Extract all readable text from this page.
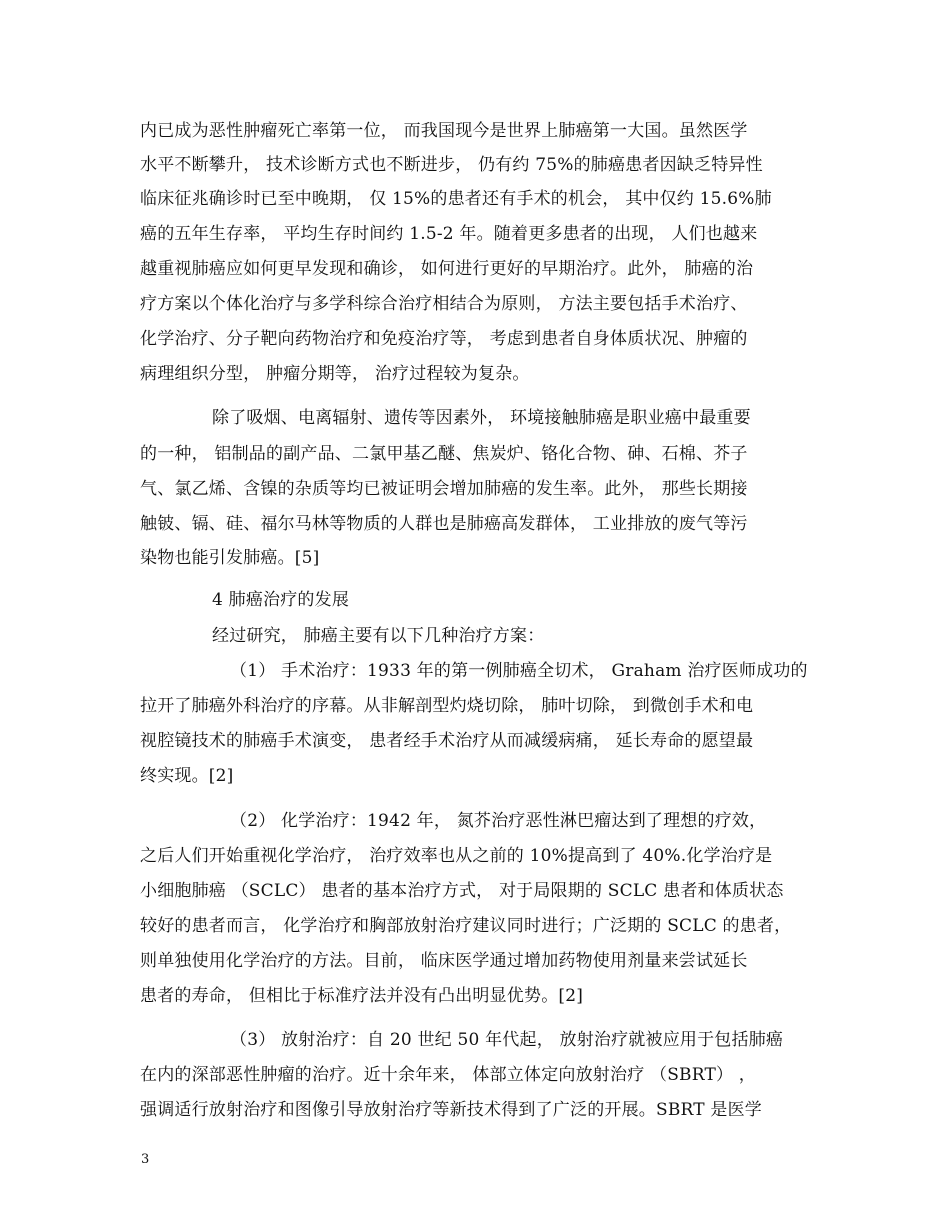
内已成为恶性肿瘤死亡率第一位， 而我国现今是世界上肺癌第一大国。虽然医学
水平不断攀升， 技术诊断方式也不断进步， 仍有约 75%的肺癌患者因缺乏特异性
临床征兆确诊时已至中晚期， 仅 15%的患者还有手术的机会， 其中仅约 15.6%肺
癌的五年生存率， 平均生存时间约 1.5-2 年。随着更多患者的出现， 人们也越来
越重视肺癌应如何更早发现和确诊， 如何进行更好的早期治疗。此外， 肺癌的治
疗方案以个体化治疗与多学科综合治疗相结合为原则， 方法主要包括手术治疗、
化学治疗、分子靶向药物治疗和免疫治疗等， 考虑到患者自身体质状况、肿瘤的
病理组织分型， 肿瘤分期等， 治疗过程较为复杂。
除了吸烟、电离辐射、遗传等因素外， 环境接触肺癌是职业癌中最重要
的一种， 铝制品的副产品、二氯甲基乙醚、焦炭炉、铬化合物、砷、石棉、芥子
气、氯乙烯、含镍的杂质等均已被证明会增加肺癌的发生率。此外， 那些长期接
触铍、镉、硅、福尔马林等物质的人群也是肺癌高发群体， 工业排放的废气等污
染物也能引发肺癌。[5]
4 肺癌治疗的发展
经过研究， 肺癌主要有以下几种治疗方案：
（1） 手术治疗：1933 年的第一例肺癌全切术， Graham 治疗医师成功的
拉开了肺癌外科治疗的序幕。从非解剖型灼烧切除， 肺叶切除， 到微创手术和电
视腔镜技术的肺癌手术演变， 患者经手术治疗从而减缓病痛， 延长寿命的愿望最
终实现。[2]
（2） 化学治疗：1942 年， 氮芥治疗恶性淋巴瘤达到了理想的疗效，
之后人们开始重视化学治疗， 治疗效率也从之前的 10%提高到了 40%.化学治疗是
小细胞肺癌 （SCLC） 患者的基本治疗方式， 对于局限期的 SCLC 患者和体质状态
较好的患者而言， 化学治疗和胸部放射治疗建议同时进行；广泛期的 SCLC 的患者，
则单独使用化学治疗的方法。目前， 临床医学通过增加药物使用剂量来尝试延长
患者的寿命， 但相比于标准疗法并没有凸出明显优势。[2]
（3） 放射治疗：自 20 世纪 50 年代起， 放射治疗就被应用于包括肺癌
在内的深部恶性肿瘤的治疗。近十余年来， 体部立体定向放射治疗 （SBRT） ，
强调适行放射治疗和图像引导放射治疗等新技术得到了广泛的开展。SBRT 是医学
3
